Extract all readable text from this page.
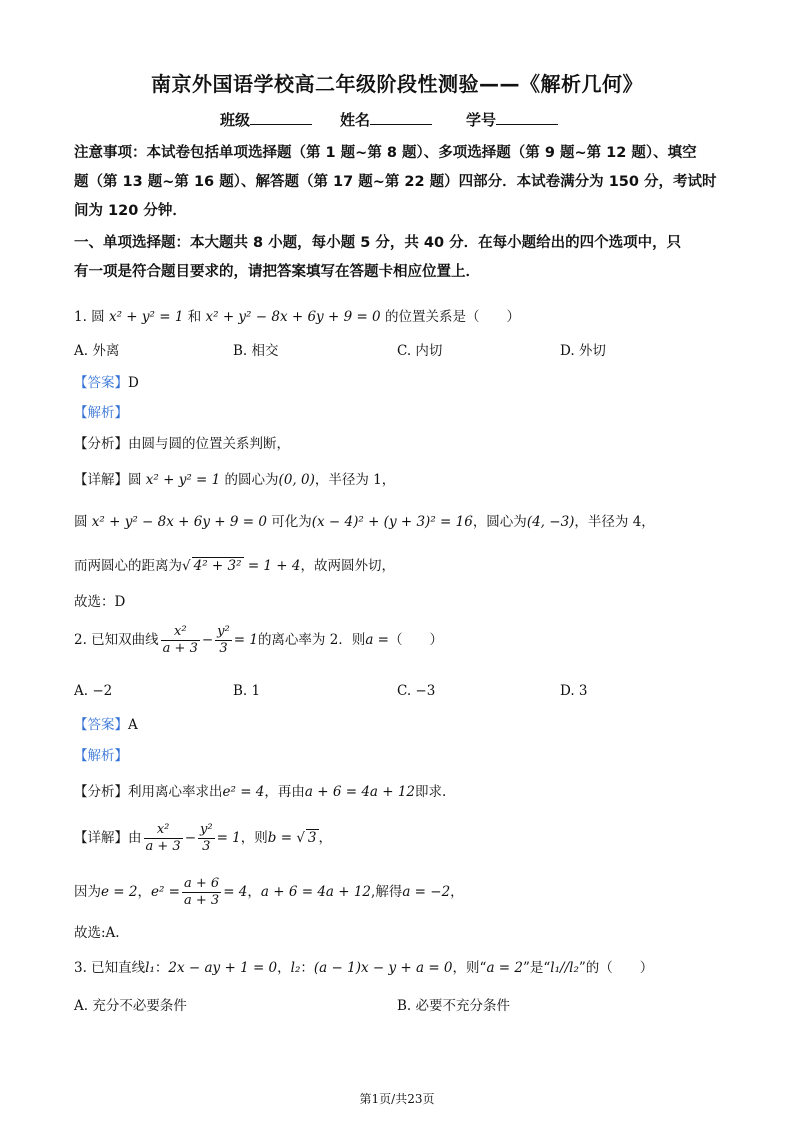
南京外国语学校高二年级阶段性测验——《解析几何》
班级	姓名	学号
注意事项：本试卷包括单项选择题（第 1 题~第 8 题）、多项选择题（第 9 题~第 12 题）、填空
题（第 13 题~第 16 题）、解答题（第 17 题~第 22 题）四部分．本试卷满分为 150 分，考试时
间为 120 分钟．
一、单项选择题：本大题共 8 小题，每小题 5 分，共 40 分．在每小题给出的四个选项中，只
有一项是符合题目要求的，请把答案填写在答题卡相应位置上．
1. 圆 x² + y² = 1 和 x² + y² − 8x + 6y + 9 = 0 的位置关系是（　　）
A. 外离	B. 相交	C. 内切	D. 外切
【答案】D
【解析】
【分析】由圆与圆的位置关系判断，
【详解】圆 x² + y² = 1 的圆心为(0, 0)，半径为 1，
圆 x² + y² − 8x + 6y + 9 = 0 可化为(x − 4)² + (y + 3)² = 16，圆心为(4, −3)，半径为 4，
而两圆心的距离为√ 4² + 3² = 1 + 4，故两圆外切，
故选：D
2. 已知双曲线 $\frac{\text{x²}}{a + 3} - \frac{\text{y²}}{3} = 1$的离心率为 2．则a =（　　）
A. −2	B. 1	C. −3	D. 3
【答案】A
【解析】
【分析】利用离心率求出e² = 4，再由a + 6 = 4a + 12即求.
【详解】由 $\frac{\text{x²}}{a + 3} - \frac{\text{y²}}{3} = 1$，则b = √ 3 ，
因为e = 2，$e^2 = \frac{a + 6}{a + 3} = 4$，a + 6 = 4a + 12,解得a = −2，
故选:A.
3. 已知直线l₁：2x − ay + 1 = 0，l₂：(a − 1)x − y + a = 0，则“a = 2”是“l₁//l₂”的（　　）
A. 充分不必要条件	B. 必要不充分条件
第1页/共23页
